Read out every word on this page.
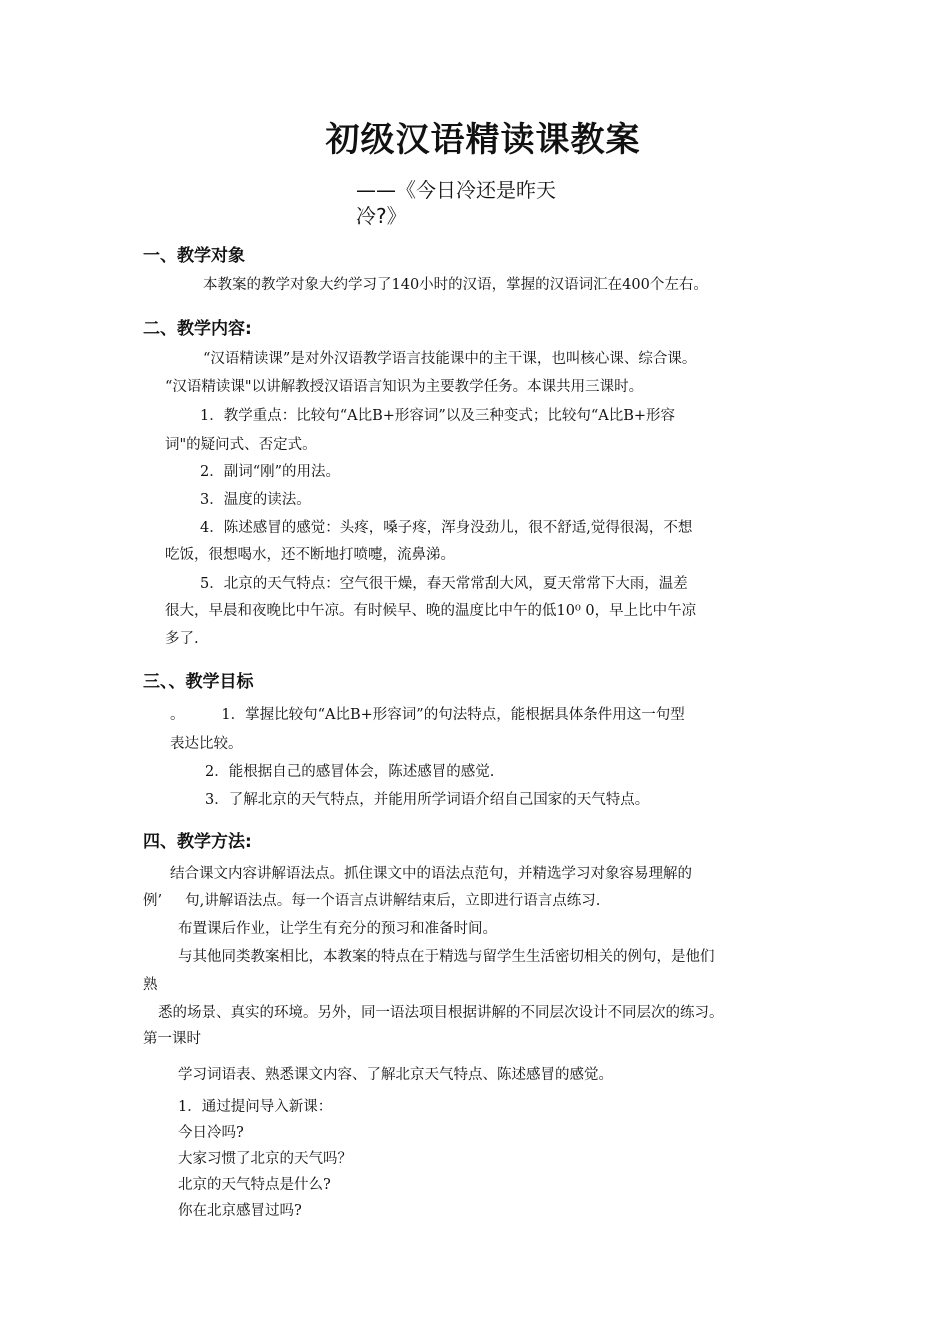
初级汉语精读课教案
——《今日冷还是昨天
冷?》
一、教学对象
本教案的教学对象大约学习了140小时的汉语，掌握的汉语词汇在400个左右。
二、教学内容:
“汉语精读课”是对外汉语教学语言技能课中的主干课，也叫核心课、综合课。
“汉语精读课"以讲解教授汉语语言知识为主要教学任务。本课共用三课时。
1．教学重点：比较句“A比B+形容词”以及三种变式；比较句“A比B+形容
词"的疑问式、否定式。
2．副词“刚”的用法。
3．温度的读法。
4．陈述感冒的感觉：头疼，嗓子疼，浑身没劲儿，很不舒适,觉得很渴，不想
吃饭，很想喝水，还不断地打喷嚏，流鼻涕。
5．北京的天气特点：空气很干燥，春天常常刮大风，夏天常常下大雨，温差
很大，早晨和夜晚比中午凉。有时候早、晚的温度比中午的低10⁰ 0，早上比中午凉
多了.
三、、教学目标
。        1．掌握比较句“A比B+形容词”的句法特点，能根据具体条件用这一句型
表达比较。
2．能根据自己的感冒体会，陈述感冒的感觉.
3．了解北京的天气特点，并能用所学词语介绍自己国家的天气特点。
四、教学方法:
结合课文内容讲解语法点。抓住课文中的语法点范句，并精选学习对象容易理解的
例’     句,讲解语法点。每一个语言点讲解结束后，立即进行语言点练习.
布置课后作业，让学生有充分的预习和准备时间。
与其他同类教案相比，本教案的特点在于精选与留学生生活密切相关的例句，是他们
熟
悉的场景、真实的环境。另外，同一语法项目根据讲解的不同层次设计不同层次的练习。
第一课时
学习词语表、熟悉课文内容、了解北京天气特点、陈述感冒的感觉。
1．通过提问导入新课：
今日冷吗?
大家习惯了北京的天气吗？
北京的天气特点是什么?
你在北京感冒过吗?
